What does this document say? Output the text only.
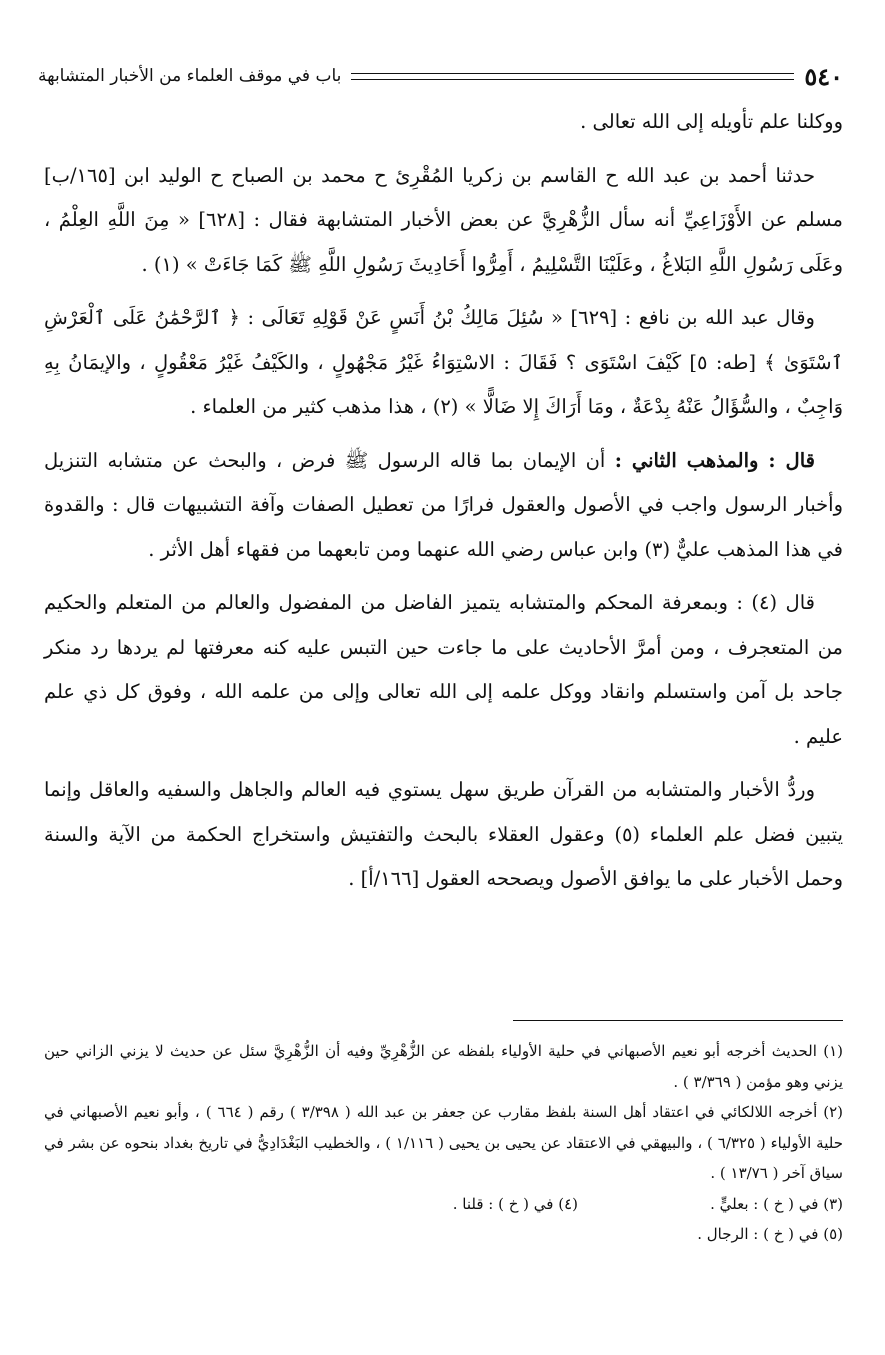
٥٤٠
باب في موقف العلماء من الأخبار المتشابهة

ووكلنا علم تأويله إلى الله تعالى .

حدثنا أحمد بن عبد الله ح القاسم بن زكريا المُقْرِئ ح محمد بن الصباح ح الوليد ابن [١٦٥/ب] مسلم عن الأَوْزَاعِيِّ أنه سأل الزُّهْرِيَّ عن بعض الأخبار المتشابهة فقال : [٦٢٨] « مِنَ اللَّهِ العِلْمُ ، وعَلَى رَسُولِ اللَّهِ البَلاغُ ، وعَلَيْنَا التَّسْلِيمُ ، أَمِرُّوا أَحَادِيثَ رَسُولِ اللَّهِ ﷺ كَمَا جَاءَتْ » (١) .

وقال عبد الله بن نافع : [٦٢٩] « سُئِلَ مَالِكُ بْنُ أَنَسٍ عَنْ قَوْلِهِ تَعَالَى : ﴿ ٱلرَّحْمَٰنُ عَلَى ٱلْعَرْشِ ٱسْتَوَىٰ ﴾ [طه: ٥] كَيْفَ اسْتَوَى ؟ فَقَالَ : الاسْتِوَاءُ غَيْرُ مَجْهُولٍ ، والكَيْفُ غَيْرُ مَعْقُولٍ ، والإيمَانُ بِهِ وَاجِبٌ ، والسُّؤَالُ عَنْهُ بِدْعَةٌ ، ومَا أَرَاكَ إِلا ضَالًّا » (٢) ، هذا مذهب كثير من العلماء .

قال : والمذهب الثاني : أن الإيمان بما قاله الرسول ﷺ فرض ، والبحث عن متشابه التنزيل وأخبار الرسول واجب في الأصول والعقول فرارًا من تعطيل الصفات وآفة التشبيهات قال : والقدوة في هذا المذهب عليٌّ (٣) وابن عباس رضي الله عنهما ومن تابعهما من فقهاء أهل الأثر .

قال (٤) : وبمعرفة المحكم والمتشابه يتميز الفاضل من المفضول والعالم من المتعلم والحكيم من المتعجرف ، ومن أمرَّ الأحاديث على ما جاءت حين التبس عليه كنه معرفتها لم يردها رد منكر جاحد بل آمن واستسلم وانقاد ووكل علمه إلى الله تعالى وإلى من علمه الله ، وفوق كل ذي علم عليم .

وردُّ الأخبار والمتشابه من القرآن طريق سهل يستوي فيه العالم والجاهل والسفيه والعاقل وإنما يتبين فضل علم العلماء (٥) وعقول العقلاء بالبحث والتفتيش واستخراج الحكمة من الآية والسنة وحمل الأخبار على ما يوافق الأصول ويصححه العقول [١٦٦/أ] .

(١) الحديث أخرجه أبو نعيم الأصبهاني في حلية الأولياء بلفظه عن الزُّهْرِيِّ وفيه أن الزُّهْرِيَّ سئل عن حديث لا يزني الزاني حين يزني وهو مؤمن ( ٣/٣٦٩ ) .

(٢) أخرجه اللالكائي في اعتقاد أهل السنة بلفظ مقارب عن جعفر بن عبد الله ( ٣/٣٩٨ ) رقم ( ٦٦٤ ) ، وأبو نعيم الأصبهاني في حلية الأولياء ( ٦/٣٢٥ ) ، والبيهقي في الاعتقاد عن يحيى بن يحيى ( ١/١١٦ ) ، والخطيب البَغْدَادِيُّ في تاريخ بغداد بنحوه عن بشر في سياق آخر ( ١٣/٧٦ ) .

(٣) في ( خ ) : بعليٍّ .
(٤) في ( خ ) : قلنا .

(٥) في ( خ ) : الرجال .
